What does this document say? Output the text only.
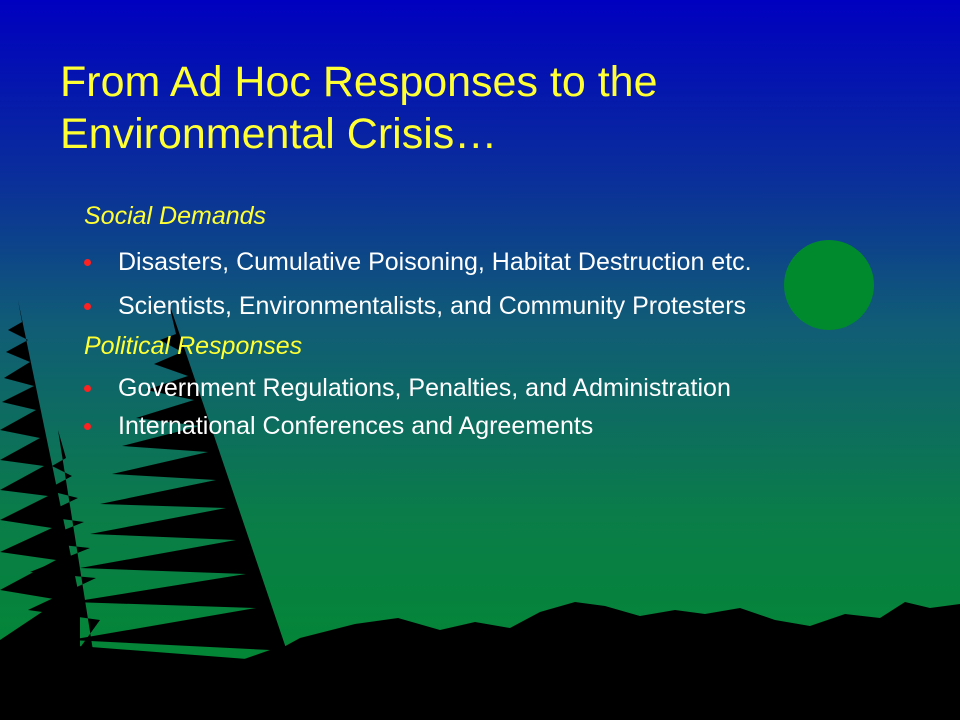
From Ad Hoc Responses to the Environmental Crisis…
Social Demands
Disasters, Cumulative Poisoning, Habitat Destruction etc.
Scientists, Environmentalists, and Community Protesters
Political Responses
Government Regulations, Penalties, and Administration
International Conferences and Agreements
